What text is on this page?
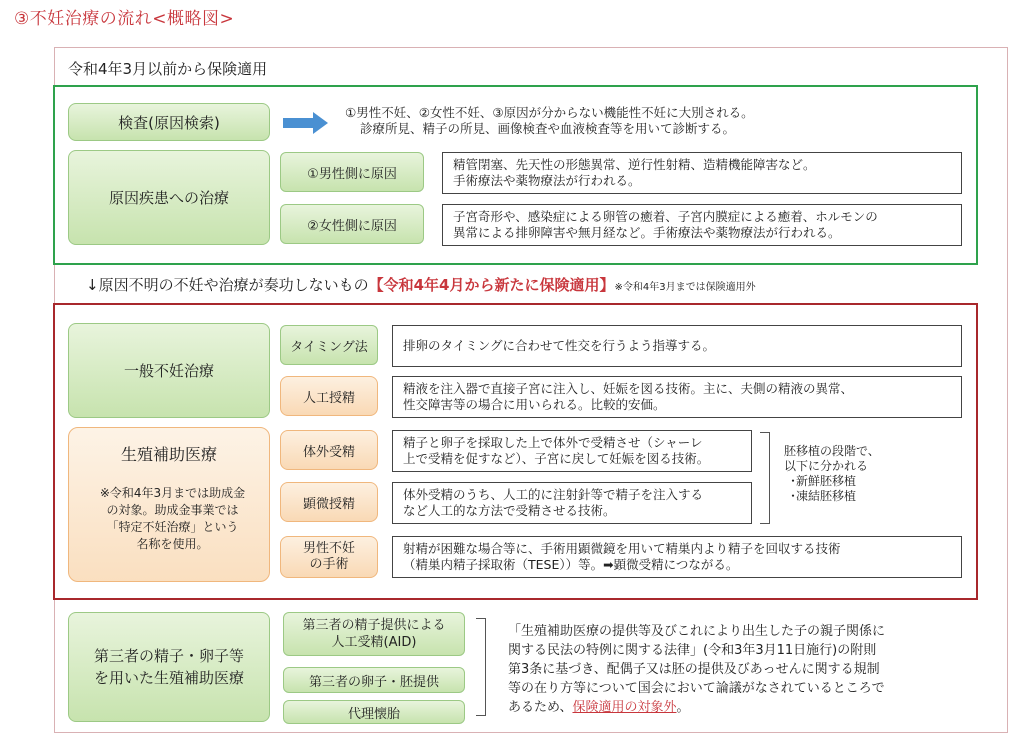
③不妊治療の流れ<概略図>
令和4年3月以前から保険適用
検査(原因検索)
①男性不妊、②女性不妊、③原因が分からない機能性不妊に大別される。
診療所見、精子の所見、画像検査や血液検査等を用いて診断する。
原因疾患への治療
①男性側に原因
精管閉塞、先天性の形態異常、逆行性射精、造精機能障害など。
手術療法や薬物療法が行われる。
②女性側に原因
子宮奇形や、感染症による卵管の癒着、子宮内膜症による癒着、ホルモンの
異常による排卵障害や無月経など。手術療法や薬物療法が行われる。
↓原因不明の不妊や治療が奏功しないもの【令和4年4月から新たに保険適用】※令和4年3月までは保険適用外
一般不妊治療
タイミング法	排卵のタイミングに合わせて性交を行うよう指導する。
人工授精
精液を注入器で直接子宮に注入し、妊娠を図る技術。主に、夫側の精液の異常、
性交障害等の場合に用いられる。比較的安価。
生殖補助医療
※令和4年3月までは助成金
の対象。助成金事業では
「特定不妊治療」という
名称を使用。
体外受精
精子と卵子を採取した上で体外で受精させ（シャーレ
上で受精を促すなど）、子宮に戻して妊娠を図る技術。
顕微授精
体外受精のうち、人工的に注射針等で精子を注入する
など人工的な方法で受精させる技術。
胚移植の段階で、
以下に分かれる
･新鮮胚移植
･凍結胚移植
男性不妊
の手術
射精が困難な場合等に、手術用顕微鏡を用いて精巣内より精子を回収する技術
（精巣内精子採取術（TESE））等。➡顕微受精につながる。
第三者の精子・卵子等
を用いた生殖補助医療
第三者の精子提供による
人工受精(AID)
第三者の卵子・胚提供
代理懐胎
「生殖補助医療の提供等及びこれにより出生した子の親子関係に
関する民法の特例に関する法律」(令和3年3月11日施行)の附則
第3条に基づき、配偶子又は胚の提供及びあっせんに関する規制
等の在り方等について国会において論議がなされているところで
あるため、保険適用の対象外。
